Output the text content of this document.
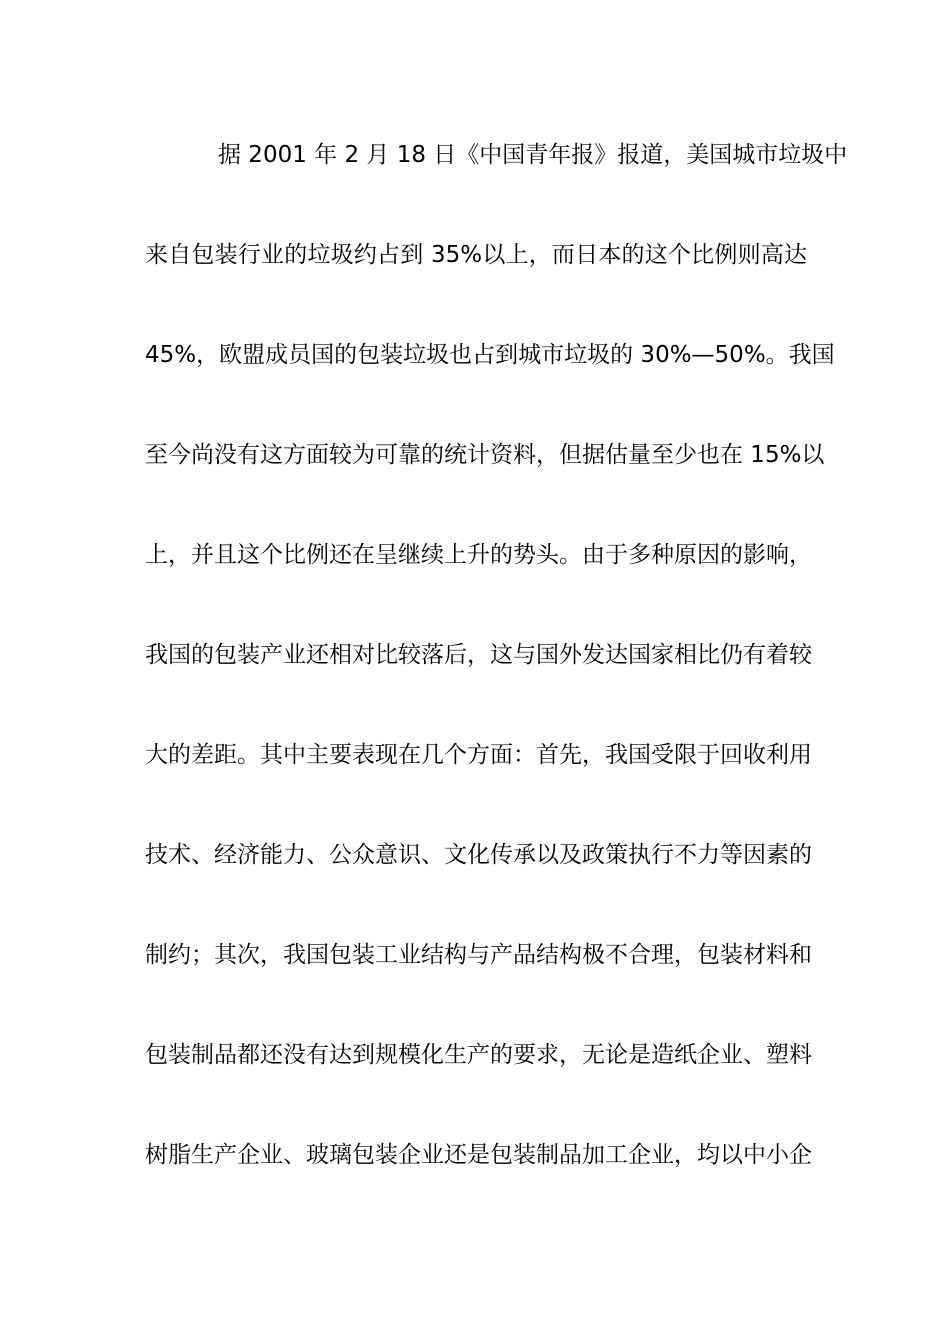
据 2001 年 2 月 18 日《中国青年报》报道，美国城市垃圾中
来自包装行业的垃圾约占到 35%以上，而日本的这个比例则高达
45%，欧盟成员国的包装垃圾也占到城市垃圾的 30%—50%。我国
至今尚没有这方面较为可靠的统计资料，但据估量至少也在 15%以
上，并且这个比例还在呈继续上升的势头。由于多种原因的影响，
我国的包装产业还相对比较落后，这与国外发达国家相比仍有着较
大的差距。其中主要表现在几个方面：首先，我国受限于回收利用
技术、经济能力、公众意识、文化传承以及政策执行不力等因素的
制约；其次，我国包装工业结构与产品结构极不合理，包装材料和
包装制品都还没有达到规模化生产的要求，无论是造纸企业、塑料
树脂生产企业、玻璃包装企业还是包装制品加工企业，均以中小企
